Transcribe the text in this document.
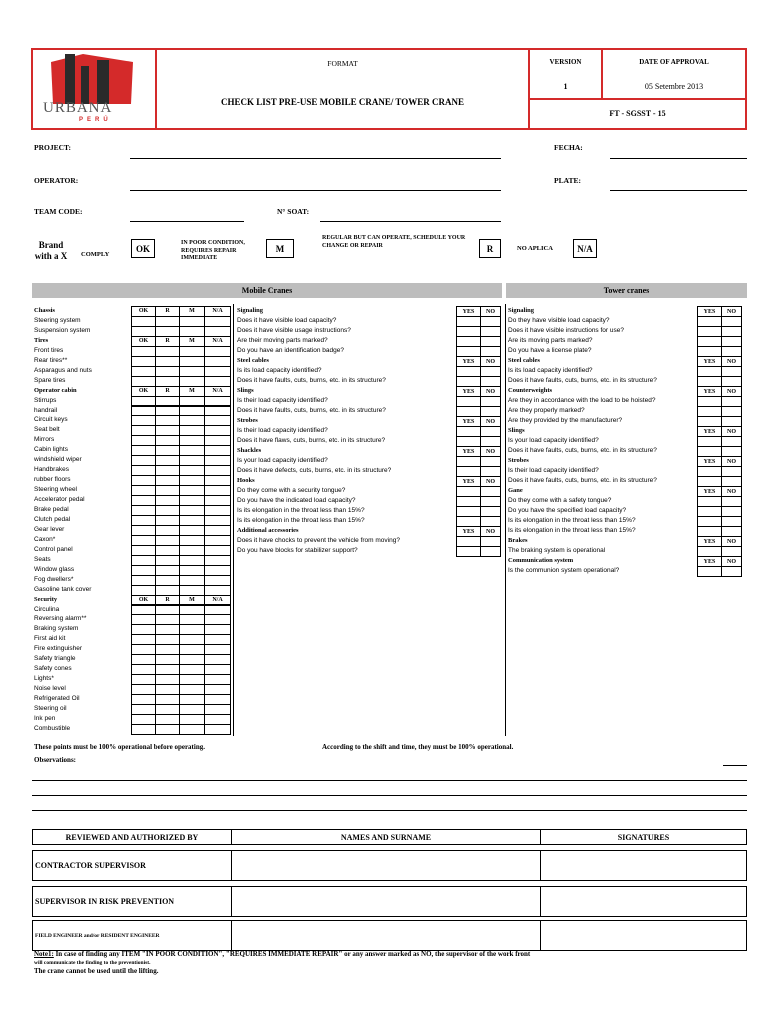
URBANA
PERÚ
FORMAT
CHECK LIST PRE-USE MOBILE CRANE/ TOWER CRANE
VERSION
1
DATE OF APPROVAL
05 Setembre 2013
FT - SGSST - 15
PROJECT:	FECHA:
OPERATOR:	PLATE:
TEAM CODE:	N° SOAT:
Brand with a X COMPLY
OK
IN POOR CONDITION, REQUIRES REPAIR IMMEDIATE
M
REGULAR BUT CAN OPERATE, SCHEDULE YOUR CHANGE OR REPAIR	R	NO APLICA	N/A
Mobile Cranes	Tower cranes
Chassis	OK	R	M	N/A
Steering system
Suspension system
Tires	OK	R	M	N/A
Front tires
Rear tires**
Asparagus and nuts
Spare tires
Operator cabin	OK	R	M	N/A
Stirrups
handrail
Circuit keys
Seat belt
Mirrors
Cabin lights
windshield wiper
Handbrakes
rubber floors
Steering wheel
Accelerator pedal
Brake pedal
Clutch pedal
Gear lever
Caxon*
Control panel
Seats
Window glass
Fog dwellers*
Gasoline tank cover
Security	OK	R	M	N/A
Circulina
Reversing alarm**
Braking system
First aid kit
Fire extinguisher
Safety triangle
Safety cones
Lights*
Noise level
Refrigerated Oil
Steering oil
Ink pen
Combustible
Signaling	YES	NO
Does it have visible load capacity?
Does it have visible usage instructions?
Are their moving parts marked?
Do you have an identification badge?
Steel cables	YES	NO
Is its load capacity identified?
Does it have faults, cuts, burns, etc. in its structure?
Slings	YES	NO
Is their load capacity identified?
Does it have faults, cuts, burns, etc. in its structure?
Strobes	YES	NO
Is their load capacity identified?
Does it have flaws, cuts, burns, etc. in its structure?
Shackles	YES	NO
Is your load capacity identified?
Does it have defects, cuts, burns, etc. in its structure?
Hooks	YES	NO
Do they come with a security tongue?
Do you have the indicated load capacity?
Is its elongation in the throat less than 15%?
Is its elongation in the throat less than 15%?
Additional accessories	YES	NO
Does it have chocks to prevent the vehicle from moving?
Do you have blocks for stabilizer support?
Signaling	YES	NO
Do they have visible load capacity?
Does it have visible instructions for use?
Are its moving parts marked?
Do you have a license plate?
Steel cables	YES	NO
Is its load capacity identified?
Does it have faults, cuts, burns, etc. in its structure?
Counterweights	YES	NO
Are they in accordance with the load to be hoisted?
Are they properly marked?
Are they provided by the manufacturer?
Slings	YES	NO
Is your load capacity identified?
Does it have faults, cuts, burns, etc. in its structure?
Strobes	YES	NO
Is their load capacity identified?
Does it have faults, cuts, burns, etc. in its structure?
Gane	YES	NO
Do they come with a safety tongue?
Do you have the specified load capacity?
Is its elongation in the throat less than 15%?
Is its elongation in the throat less than 15%?
Brakes	YES	NO
The braking system is operational
Communication system	YES	NO
Is the communion system operational?
These points must be 100% operational before operating.	According to the shift and time, they must be 100% operational.
Observations:
REVIEWED AND AUTHORIZED BY	NAMES AND SURNAME	SIGNATURES

CONTRACTOR SUPERVISOR		

SUPERVISOR IN RISK PREVENTION		

FIELD ENGINEER and/or RESIDENT ENGINEER		
Note1: In case of finding any ITEM "IN POOR CONDITION", "REQUIRES IMMEDIATE REPAIR" or any answer marked as NO, the supervisor of the work front
will communicate the finding to the preventionist.
The crane cannot be used until the lifting.
